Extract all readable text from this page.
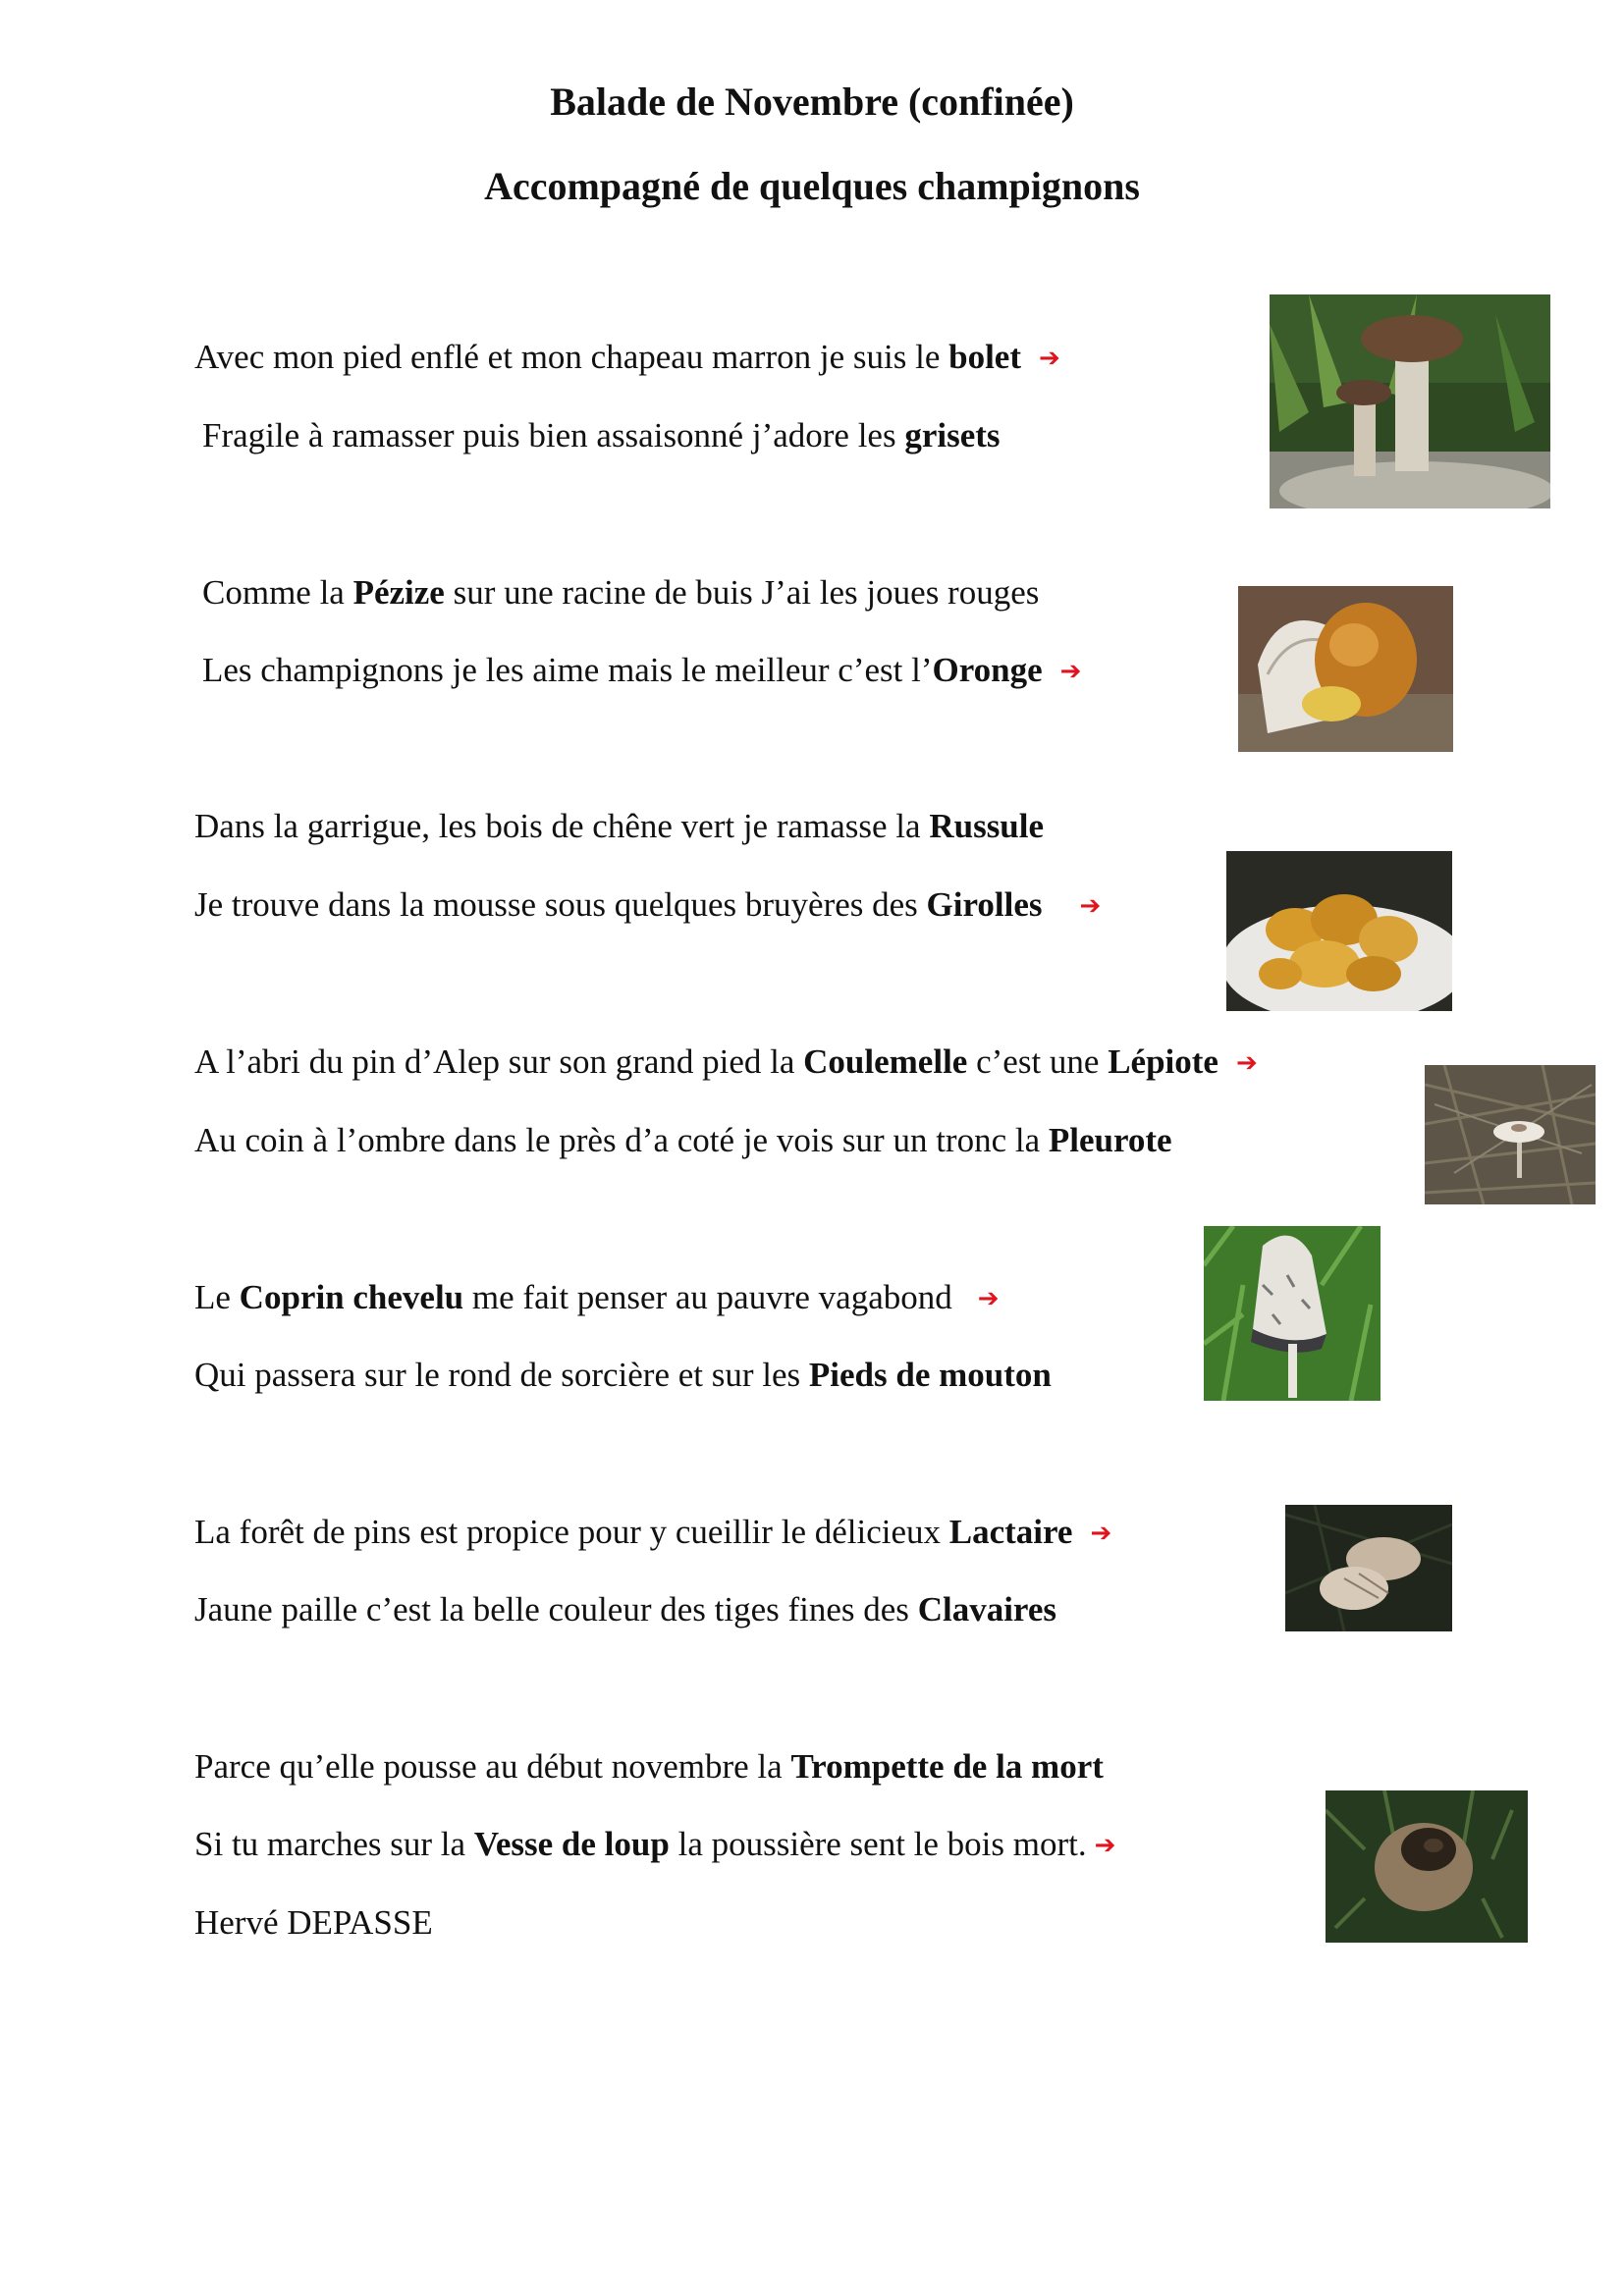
Balade de Novembre (confinée)
Accompagné de quelques champignons
Avec mon pied enflé et mon chapeau marron je suis le bolet ➔
Fragile à ramasser puis bien assaisonné j’adore les grisets
Comme la Pézize sur une racine de buis J’ai les joues rouges
Les champignons je les aime mais le meilleur c’est l’Oronge ➔
Dans la garrigue, les bois de chêne vert je ramasse la Russule
Je trouve dans la mousse sous quelques bruyères des Girolles ➔
A l’abri du pin d’Alep sur son grand pied la Coulemelle c’est une Lépiote ➔
Au coin à l’ombre dans le près d’a coté je vois sur un tronc la Pleurote
Le Coprin chevelu me fait penser au pauvre vagabond ➔
Qui passera sur le rond de sorcière et sur les Pieds de mouton
La forêt de pins est propice pour y cueillir le délicieux Lactaire ➔
Jaune paille c’est la belle couleur des tiges fines des Clavaires
Parce qu’elle pousse au début novembre la Trompette de la mort
Si tu marches sur la Vesse de loup la poussière sent le bois mort. ➔
Hervé DEPASSE
